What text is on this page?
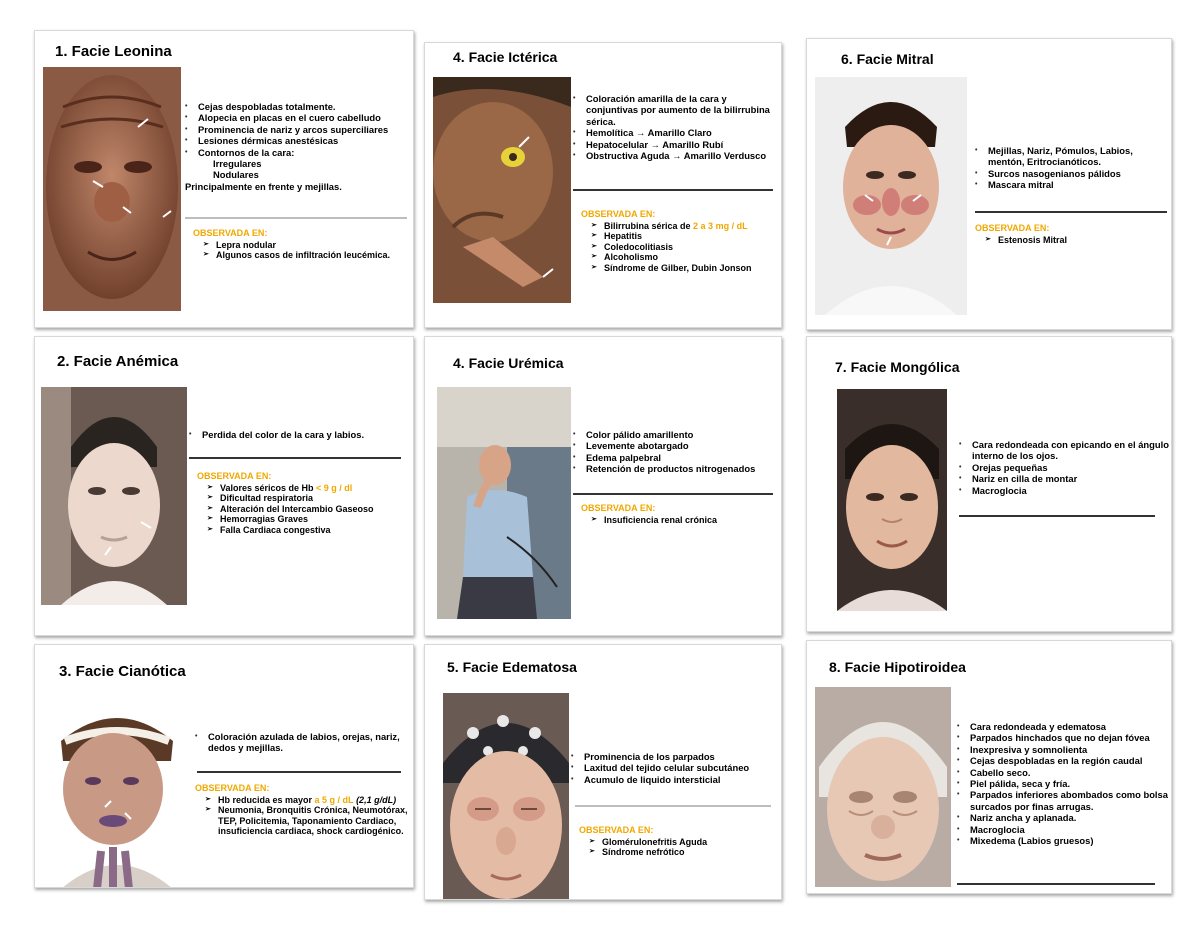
1. Facie Leonina
• Cejas despobladas totalmente.
• Alopecia en placas en el cuero cabelludo
• Prominencia de nariz y arcos superciliares
• Lesiones dérmicas anestésicas
• Contornos de la cara:
Irregulares
Nodulares
Principalmente en frente y mejillas.
OBSERVADA EN:
➢ Lepra nodular
➢ Algunos casos de infiltración leucémica.
4. Facie Ictérica
• Coloración amarilla de la cara y conjuntivas por aumento de la bilirrubina sérica.
• Hemolítica → Amarillo Claro
• Hepatocelular → Amarillo Rubí
• Obstructiva Aguda → Amarillo Verdusco
OBSERVADA EN:
➢ Bilirrubina sérica de 2 a 3 mg / dL
➢ Hepatitis
➢ Coledocolitiasis
➢ Alcoholismo
➢ Síndrome de Gilber, Dubin Jonson
6. Facie Mitral
• Mejillas, Nariz, Pómulos, Labios, mentón, Eritrocianóticos.
• Surcos nasogenianos pálidos
• Mascara mitral
OBSERVADA EN:
➢ Estenosis Mitral
2. Facie Anémica
• Perdida del color de la cara y labios.
OBSERVADA EN:
➢ Valores séricos de Hb < 9 g / dl
➢ Dificultad respiratoria
➢ Alteración del Intercambio Gaseoso
➢ Hemorragias Graves
➢ Falla Cardiaca congestiva
4. Facie Urémica
• Color pálido amarillento
• Levemente abotargado
• Edema palpebral
• Retención de productos nitrogenados
OBSERVADA EN:
➢ Insuficiencia renal crónica
7. Facie Mongólica
• Cara redondeada con epicando en el ángulo interno de los ojos.
• Orejas pequeñas
• Nariz en cilla de montar
• Macroglocia
3. Facie Cianótica
• Coloración azulada de labios, orejas, nariz, dedos y mejillas.
OBSERVADA EN:
➢ Hb reducida es mayor a 5 g / dL (2,1 g/dL)
➢ Neumonia, Bronquitis Crónica, Neumotórax, TEP, Policitemia, Taponamiento Cardiaco, insuficiencia cardiaca, shock cardiogénico.
5. Facie Edematosa
• Prominencia de los parpados
• Laxitud del tejido celular subcutáneo
• Acumulo de liquido intersticial
OBSERVADA EN:
➢ Glomérulonefritis Aguda
➢ Síndrome nefrótico
8. Facie Hipotiroidea
• Cara redondeada y edematosa
• Parpados hinchados que no dejan fóvea
• Inexpresiva y somnolienta
• Cejas despobladas en la región caudal
• Cabello seco.
• Piel pálida, seca y fría.
• Parpados inferiores abombados como bolsa surcados por finas arrugas.
• Nariz ancha y aplanada.
• Macroglocia
• Mixedema (Labios gruesos)
